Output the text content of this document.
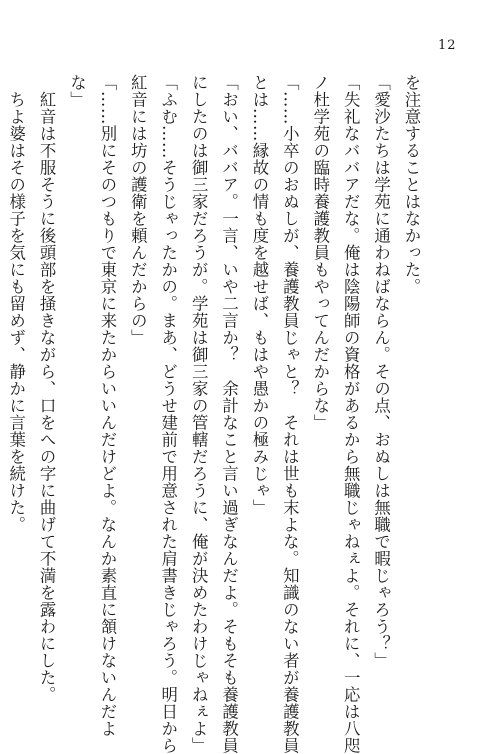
12
を注意することはなかった。
「愛沙たちは学苑に通わねばならん。その点、おぬしは無職で暇じゃろう？」
「失礼なババアだな。俺は陰陽師の資格があるから無職じゃねぇよ。それに、一応は八咫
ノ杜学苑の臨時養護教員もやってんだからな」
「……小卒のおぬしが、養護教員じゃと？　それは世も末よな。知識のない者が養護教員
とは……縁故の情も度を越せば、もはや愚かの極みじゃ」
「おい、ババア。一言、いや二言か？　余計なこと言い過ぎなんだよ。そもそも養護教員
にしたのは御三家だろうが。学苑は御三家の管轄だろうに、俺が決めたわけじゃねぇよ」
「ふむ……そうじゃったかの。まあ、どうせ建前で用意された肩書きじゃろう。明日から
紅音には坊の護衛を頼んだからの」
「……別にそのつもりで東京に来たからいいんだけどよ。なんか素直に頷けないんだよ
な」
　紅音は不服そうに後頭部を掻きながら、口をへの字に曲げて不満を露わにした。
　ちよ婆はその様子を気にも留めず、静かに言葉を続けた。
